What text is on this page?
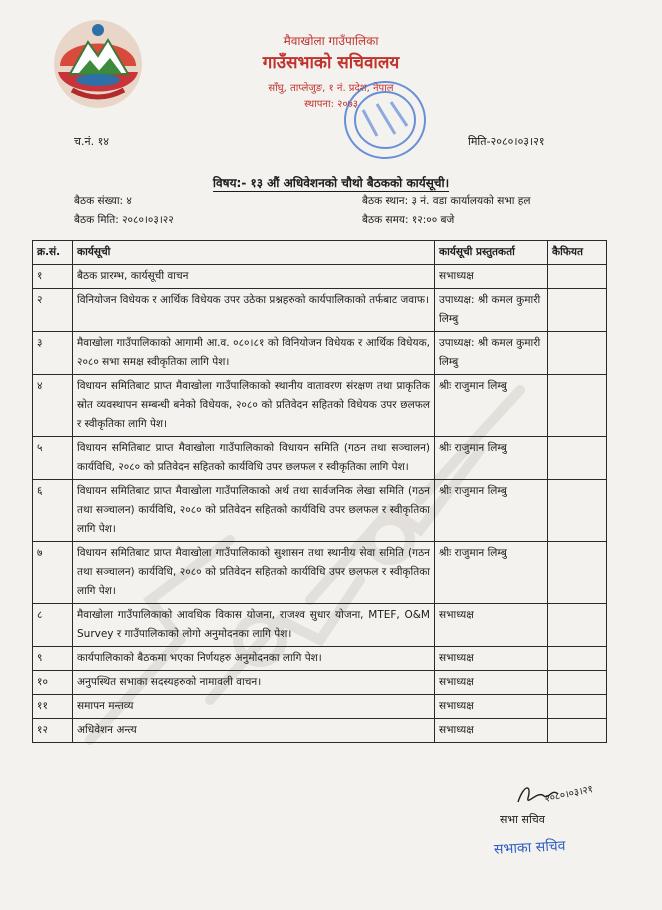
मैवाखोला गाउँपालिका
गाउँसभाको सचिवालय
साँघु, ताप्लेजुङ, १ नं. प्रदेश, नेपाल
स्थापना: २०७३
च.नं. १४	मिति-२०८०।०३।२१
विषय:- १३ औं अधिवेशनको चौथो बैठकको कार्यसूची।
बैठक संख्या: ४	बैठक स्थान: ३ नं. वडा कार्यालयको सभा हल
बैठक मिति: २०८०।०३।२२	बैठक समय: १२:०० बजे
क्र.सं.	कार्यसूची	कार्यसूची प्रस्तुतकर्ता	कैफियत
१	बैठक प्रारम्भ, कार्यसूची वाचन	सभाध्यक्ष	
२	विनियोजन विधेयक र आर्थिक विधेयक उपर उठेका प्रश्नहरुको कार्यपालिकाको तर्फबाट जवाफ।	उपाध्यक्ष: श्री कमल कुमारी लिम्बु	
३	मैवाखोला गाउँपालिकाको आगामी आ.व. ०८०।८१ को विनियोजन विधेयक र आर्थिक विधेयक, २०८० सभा समक्ष स्वीकृतिका लागि पेश।	उपाध्यक्ष: श्री कमल कुमारी लिम्बु	
४	विधायन समितिबाट प्राप्त मैवाखोला गाउँपालिकाको स्थानीय वातावरण संरक्षण तथा प्राकृतिक स्रोत व्यवस्थापन सम्बन्धी बनेको विधेयक, २०८० को प्रतिवेदन सहितको विधेयक उपर छलफल र स्वीकृतिका लागि पेश।	श्रीः राजुमान लिम्बु	
५	विधायन समितिबाट प्राप्त मैवाखोला गाउँपालिकाको विधायन समिति (गठन तथा सञ्चालन) कार्यविधि, २०८० को प्रतिवेदन सहितको कार्यविधि उपर छलफल र स्वीकृतिका लागि पेश।	श्रीः राजुमान लिम्बु	
६	विधायन समितिबाट प्राप्त मैवाखोला गाउँपालिकाको अर्थ तथा सार्वजनिक लेखा समिति (गठन तथा सञ्चालन) कार्यविधि, २०८० को प्रतिवेदन सहितको कार्यविधि उपर छलफल र स्वीकृतिका लागि पेश।	श्रीः राजुमान लिम्बु	
७	विधायन समितिबाट प्राप्त मैवाखोला गाउँपालिकाको सुशासन तथा स्थानीय सेवा समिति (गठन तथा सञ्चालन) कार्यविधि, २०८० को प्रतिवेदन सहितको कार्यविधि उपर छलफल र स्वीकृतिका लागि पेश।	श्रीः राजुमान लिम्बु	
८	मैवाखोला गाउँपालिकाको आवधिक विकास योजना, राजश्व सुधार योजना, MTEF, O&M Survey र गाउँपालिकाको लोगो अनुमोदनका लागि पेश।	सभाध्यक्ष	
९	कार्यपालिकाको बैठकमा भएका निर्णयहरु अनुमोदनका लागि पेश।	सभाध्यक्ष	
१०	अनुपस्थित सभाका सदस्यहरुको नामावली वाचन।	सभाध्यक्ष	
११	समापन मन्तव्य	सभाध्यक्ष	
१२	अधिवेशन अन्त्य	सभाध्यक्ष	
२०८०।०३।२१
सभा सचिव
सभाका सचिव
